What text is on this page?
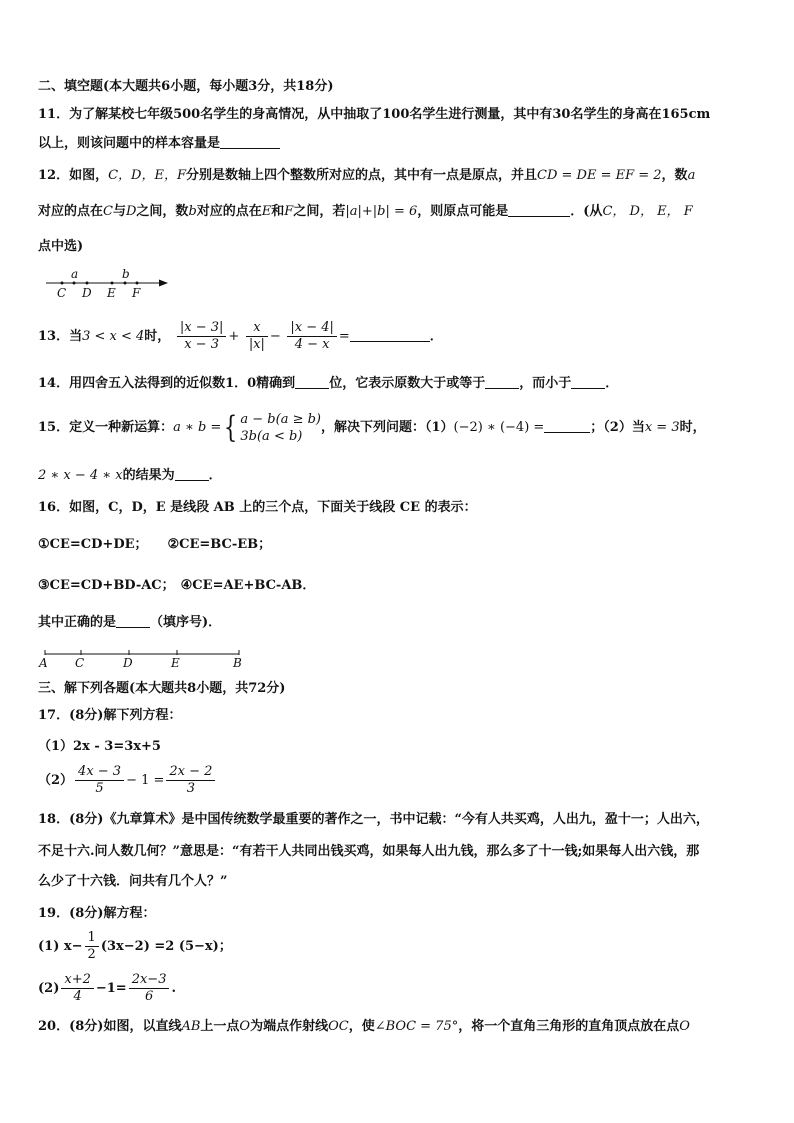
二、填空题(本大题共6小题，每小题3分，共18分)
11．为了解某校七年级500名学生的身高情况，从中抽取了100名学生进行测量，其中有30名学生的身高在165cm
以上，则该问题中的样本容量是
12．如图，C，D，E，F分别是数轴上四个整数所对应的点，其中有一点是原点，并且CD = DE = EF = 2，数a
对应的点在C与D之间，数b对应的点在E和F之间，若|a|+|b| = 6，则原点可能是	．(从C， D， E， F
点中选)
a	b
C D E F
13．当3 < x < 4时， $\frac{|x - 3|}{x - 3} + \frac{x}{|x|} - \frac{|x - 4|}{4 - x}$ =	．
14．用四舍五入法得到的近似数1．0精确到	位，它表示原数大于或等于	，而小于	．
15．定义一种新运算：a ∗ b ={ a − b(a ≥ b)
3b(a < b)
，解决下列问题：（1）(−2) ∗ (−4) =	；（2）当x = 3时，
2 ∗ x − 4 ∗ x的结果为	．
16．如图，C，D，E 是线段 AB 上的三个点，下面关于线段 CE 的表示：
①CE=CD+DE； ②CE=BC-EB；
③CE=CD+BD-AC； ④CE=AE+BC-AB．
其中正确的是	（填序号)．
A C	D	E	B
三、解下列各题(本大题共8小题，共72分)
17．(8分)解下列方程：
（1）2x - 3=3x+5
$(2) \frac{4x - 3}{5} - 1 = \frac{2x - 2}{3}$
18．(8分)《九章算术》是中国传统数学最重要的著作之一，书中记载：“今有人共买鸡，人出九，盈十一；人出六，
不足十六.问人数几何？”意思是：“有若干人共同出钱买鸡，如果每人出九钱，那么多了十一钱;如果每人出六钱，那
么少了十六钱．问共有几个人？”
19．(8分)解方程：
(1) $x- \frac{1}{2} (3x-2) =2$ (5−x)；
$(2) \frac{x+2}{4} -1= \frac{2x-3}{6}$ .
20．(8分)如图，以直线AB上一点O为端点作射线OC，使∠BOC = 75°，将一个直角三角形的直角顶点放在点O
